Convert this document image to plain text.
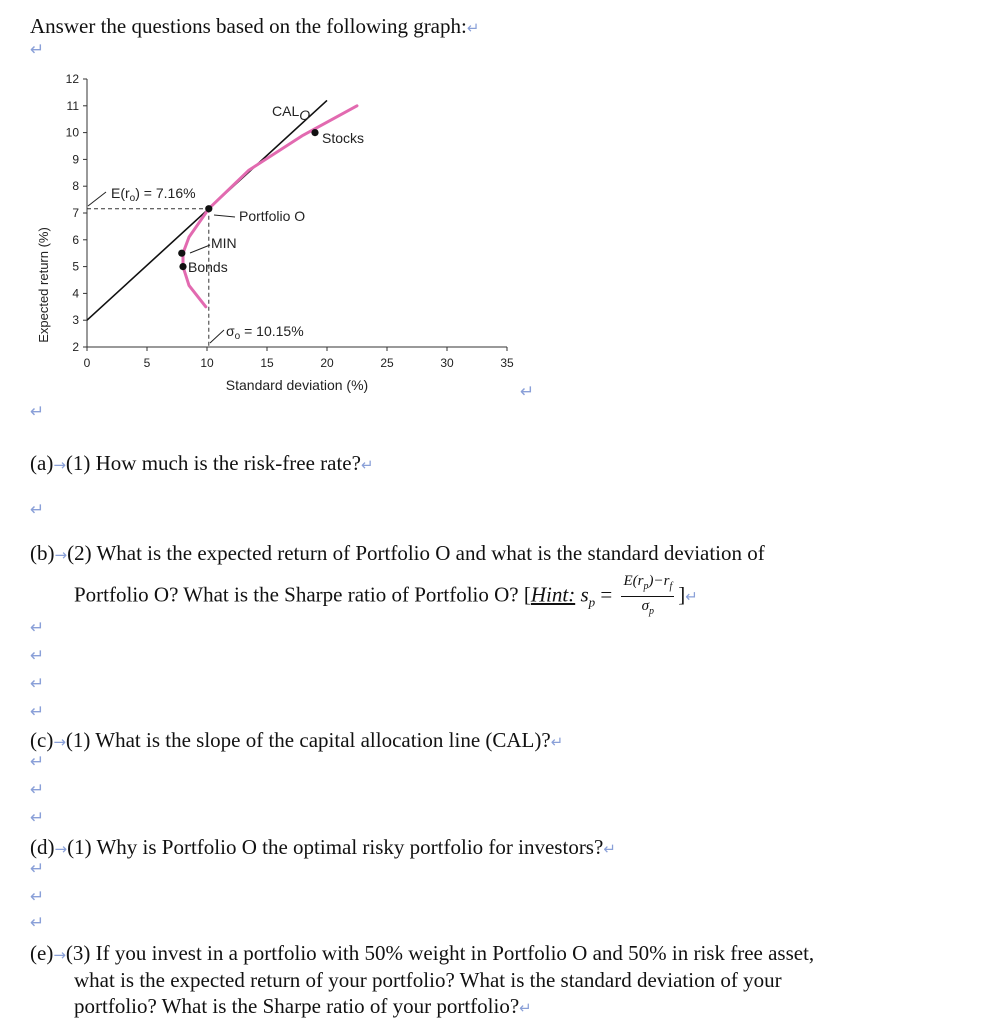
Answer the questions based on the following graph:↵
↵
2
3
4
5
6
7
8
9
10
11
12
0	5	10	15	20	25	30	35
Expected return (%)
Standard deviation (%)
CALO
Stocks
$E(r_o) = 7.16\%$
Portfolio O
MIN
Bonds
$\sigma_o = 10.15\%$
↵
↵
(a)→(1) How much is the risk-free rate?↵
↵
(b)→(2) What is the expected return of Portfolio O and what is the standard deviation of
Portfolio O? What is the Sharpe ratio of Portfolio O? [Hint: $s_p = \frac{E(r_p)-r_f}{\sigma_p}$ ]↵
↵
↵
↵
↵
(c)→(1) What is the slope of the capital allocation line (CAL)?↵
↵
↵
↵
(d)→(1) Why is Portfolio O the optimal risky portfolio for investors?↵
↵
↵
↵
(e)→(3) If you invest in a portfolio with 50% weight in Portfolio O and 50% in risk free asset,
what is the expected return of your portfolio? What is the standard deviation of your
portfolio? What is the Sharpe ratio of your portfolio?↵
